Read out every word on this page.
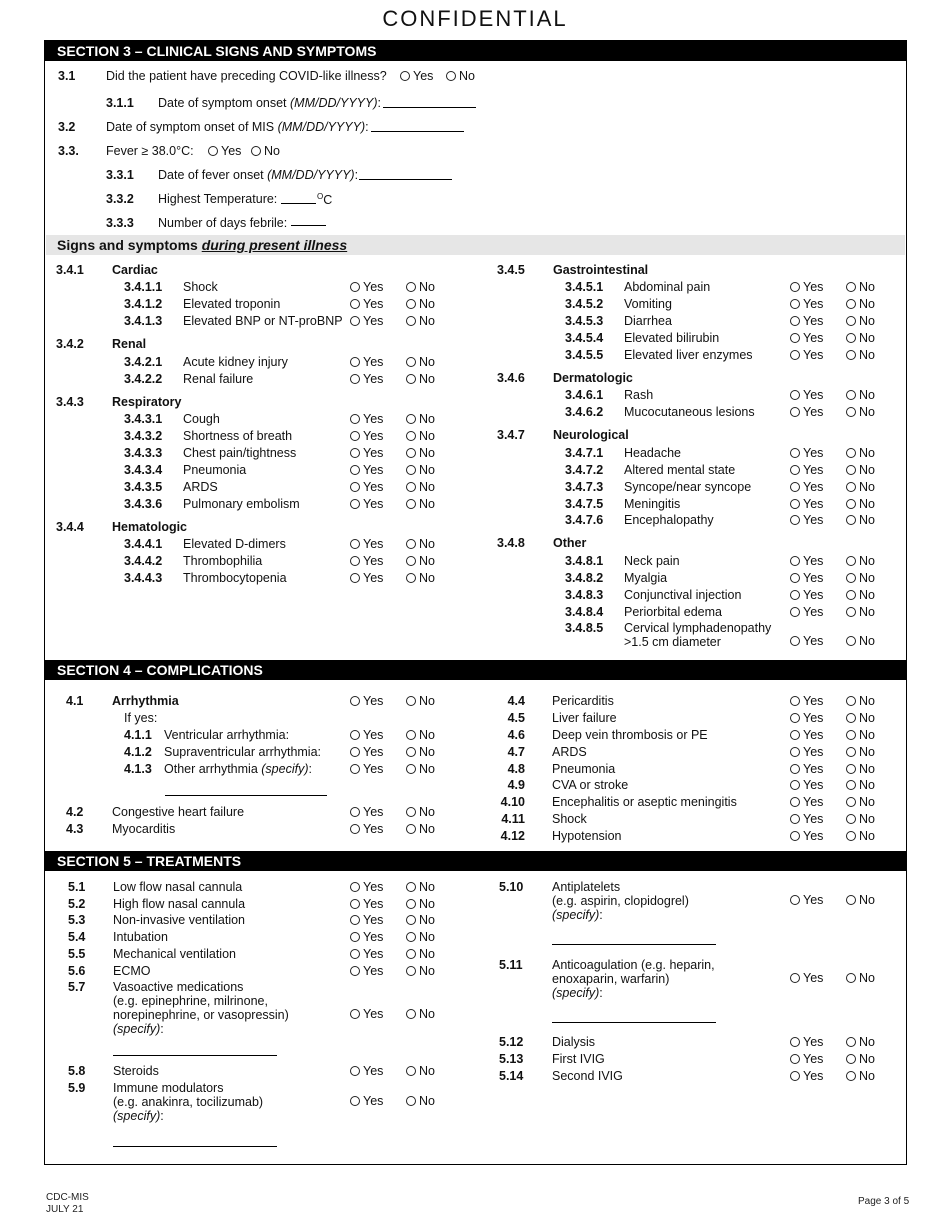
CONFIDENTIAL
SECTION 3 – CLINICAL SIGNS AND SYMPTOMS
3.1 Did the patient have preceding COVID-like illness?	Yes	No
3.1.1 Date of symptom onset (MM/DD/YYYY):
3.2 Date of symptom onset of MIS (MM/DD/YYYY):
3.3. Fever ≥ 38.0°C:	Yes	No
3.3.1 Date of fever onset (MM/DD/YYYY):
3.3.2 Highest Temperature:	$^O$C
3.3.3 Number of days febrile:
Signs and symptoms during present illness
3.4.1 Cardiac
3.4.1.1 Shock	Yes	No
3.4.1.2 Elevated troponin	Yes	No
3.4.1.3 Elevated BNP or NT-proBNP	Yes	No
3.4.2 Renal
3.4.2.1 Acute kidney injury	Yes	No
3.4.2.2 Renal failure	Yes	No
3.4.3 Respiratory
3.4.3.1 Cough	Yes	No
3.4.3.2 Shortness of breath	Yes	No
3.4.3.3 Chest pain/tightness	Yes	No
3.4.3.4 Pneumonia	Yes	No
3.4.3.5 ARDS	Yes	No
3.4.3.6 Pulmonary embolism	Yes	No
3.4.4 Hematologic
3.4.4.1 Elevated D-dimers	Yes	No
3.4.4.2 Thrombophilia	Yes	No
3.4.4.3 Thrombocytopenia	Yes	No
3.4.5 Gastrointestinal
3.4.5.1 Abdominal pain	Yes	No
3.4.5.2 Vomiting	Yes	No
3.4.5.3 Diarrhea	Yes	No
3.4.5.4 Elevated bilirubin	Yes	No
3.4.5.5 Elevated liver enzymes	Yes	No
3.4.6 Dermatologic
3.4.6.1 Rash	Yes	No
3.4.6.2 Mucocutaneous lesions	Yes	No
3.4.7 Neurological
3.4.7.1 Headache	Yes	No
3.4.7.2 Altered mental state	Yes	No
3.4.7.3 Syncope/near syncope	Yes	No
3.4.7.5 Meningitis	Yes	No
3.4.7.6 Encephalopathy	Yes	No
3.4.8 Other
3.4.8.1 Neck pain	Yes	No
3.4.8.2 Myalgia	Yes	No
3.4.8.3 Conjunctival injection	Yes	No
3.4.8.4 Periorbital edema	Yes	No
3.4.8.5 Cervical lymphadenopathy
>1.5 cm diameter	Yes	No
SECTION 4 – COMPLICATIONS
4.1 Arrhythmia	Yes	No
If yes:
4.1.1 Ventricular arrhythmia:	Yes	No
4.1.2 Supraventricular arrhythmia:	Yes	No
4.1.3 Other arrhythmia (specify):	Yes	No
4.2 Congestive heart failure	Yes	No
4.3 Myocarditis	Yes	No
4.4 Pericarditis	Yes	No
4.5 Liver failure	Yes	No
4.6 Deep vein thrombosis or PE	Yes	No
4.7 ARDS	Yes	No
4.8 Pneumonia	Yes	No
4.9 CVA or stroke	Yes	No
4.10 Encephalitis or aseptic meningitis	Yes	No
4.11 Shock	Yes	No
4.12 Hypotension	Yes	No
SECTION 5 – TREATMENTS
5.1 Low flow nasal cannula	Yes	No
5.2 High flow nasal cannula	Yes	No
5.3 Non-invasive ventilation	Yes	No
5.4 Intubation	Yes	No
5.5 Mechanical ventilation	Yes	No
5.6 ECMO	Yes	No
5.7 Vasoactive medications
(e.g. epinephrine, milrinone,
norepinephrine, or vasopressin)
(specify):
Yes	No
5.8 Steroids	Yes	No
5.9 Immune modulators
(e.g. anakinra, tocilizumab)
(specify):
Yes	No
5.10 Antiplatelets
(e.g. aspirin, clopidogrel)
(specify):
Yes	No
5.11 Anticoagulation (e.g. heparin,
enoxaparin, warfarin)
(specify):
Yes	No
5.12 Dialysis	Yes	No
5.13 First IVIG	Yes	No
5.14 Second IVIG	Yes	No
CDC-MIS
JULY 21
Page 3 of 5
